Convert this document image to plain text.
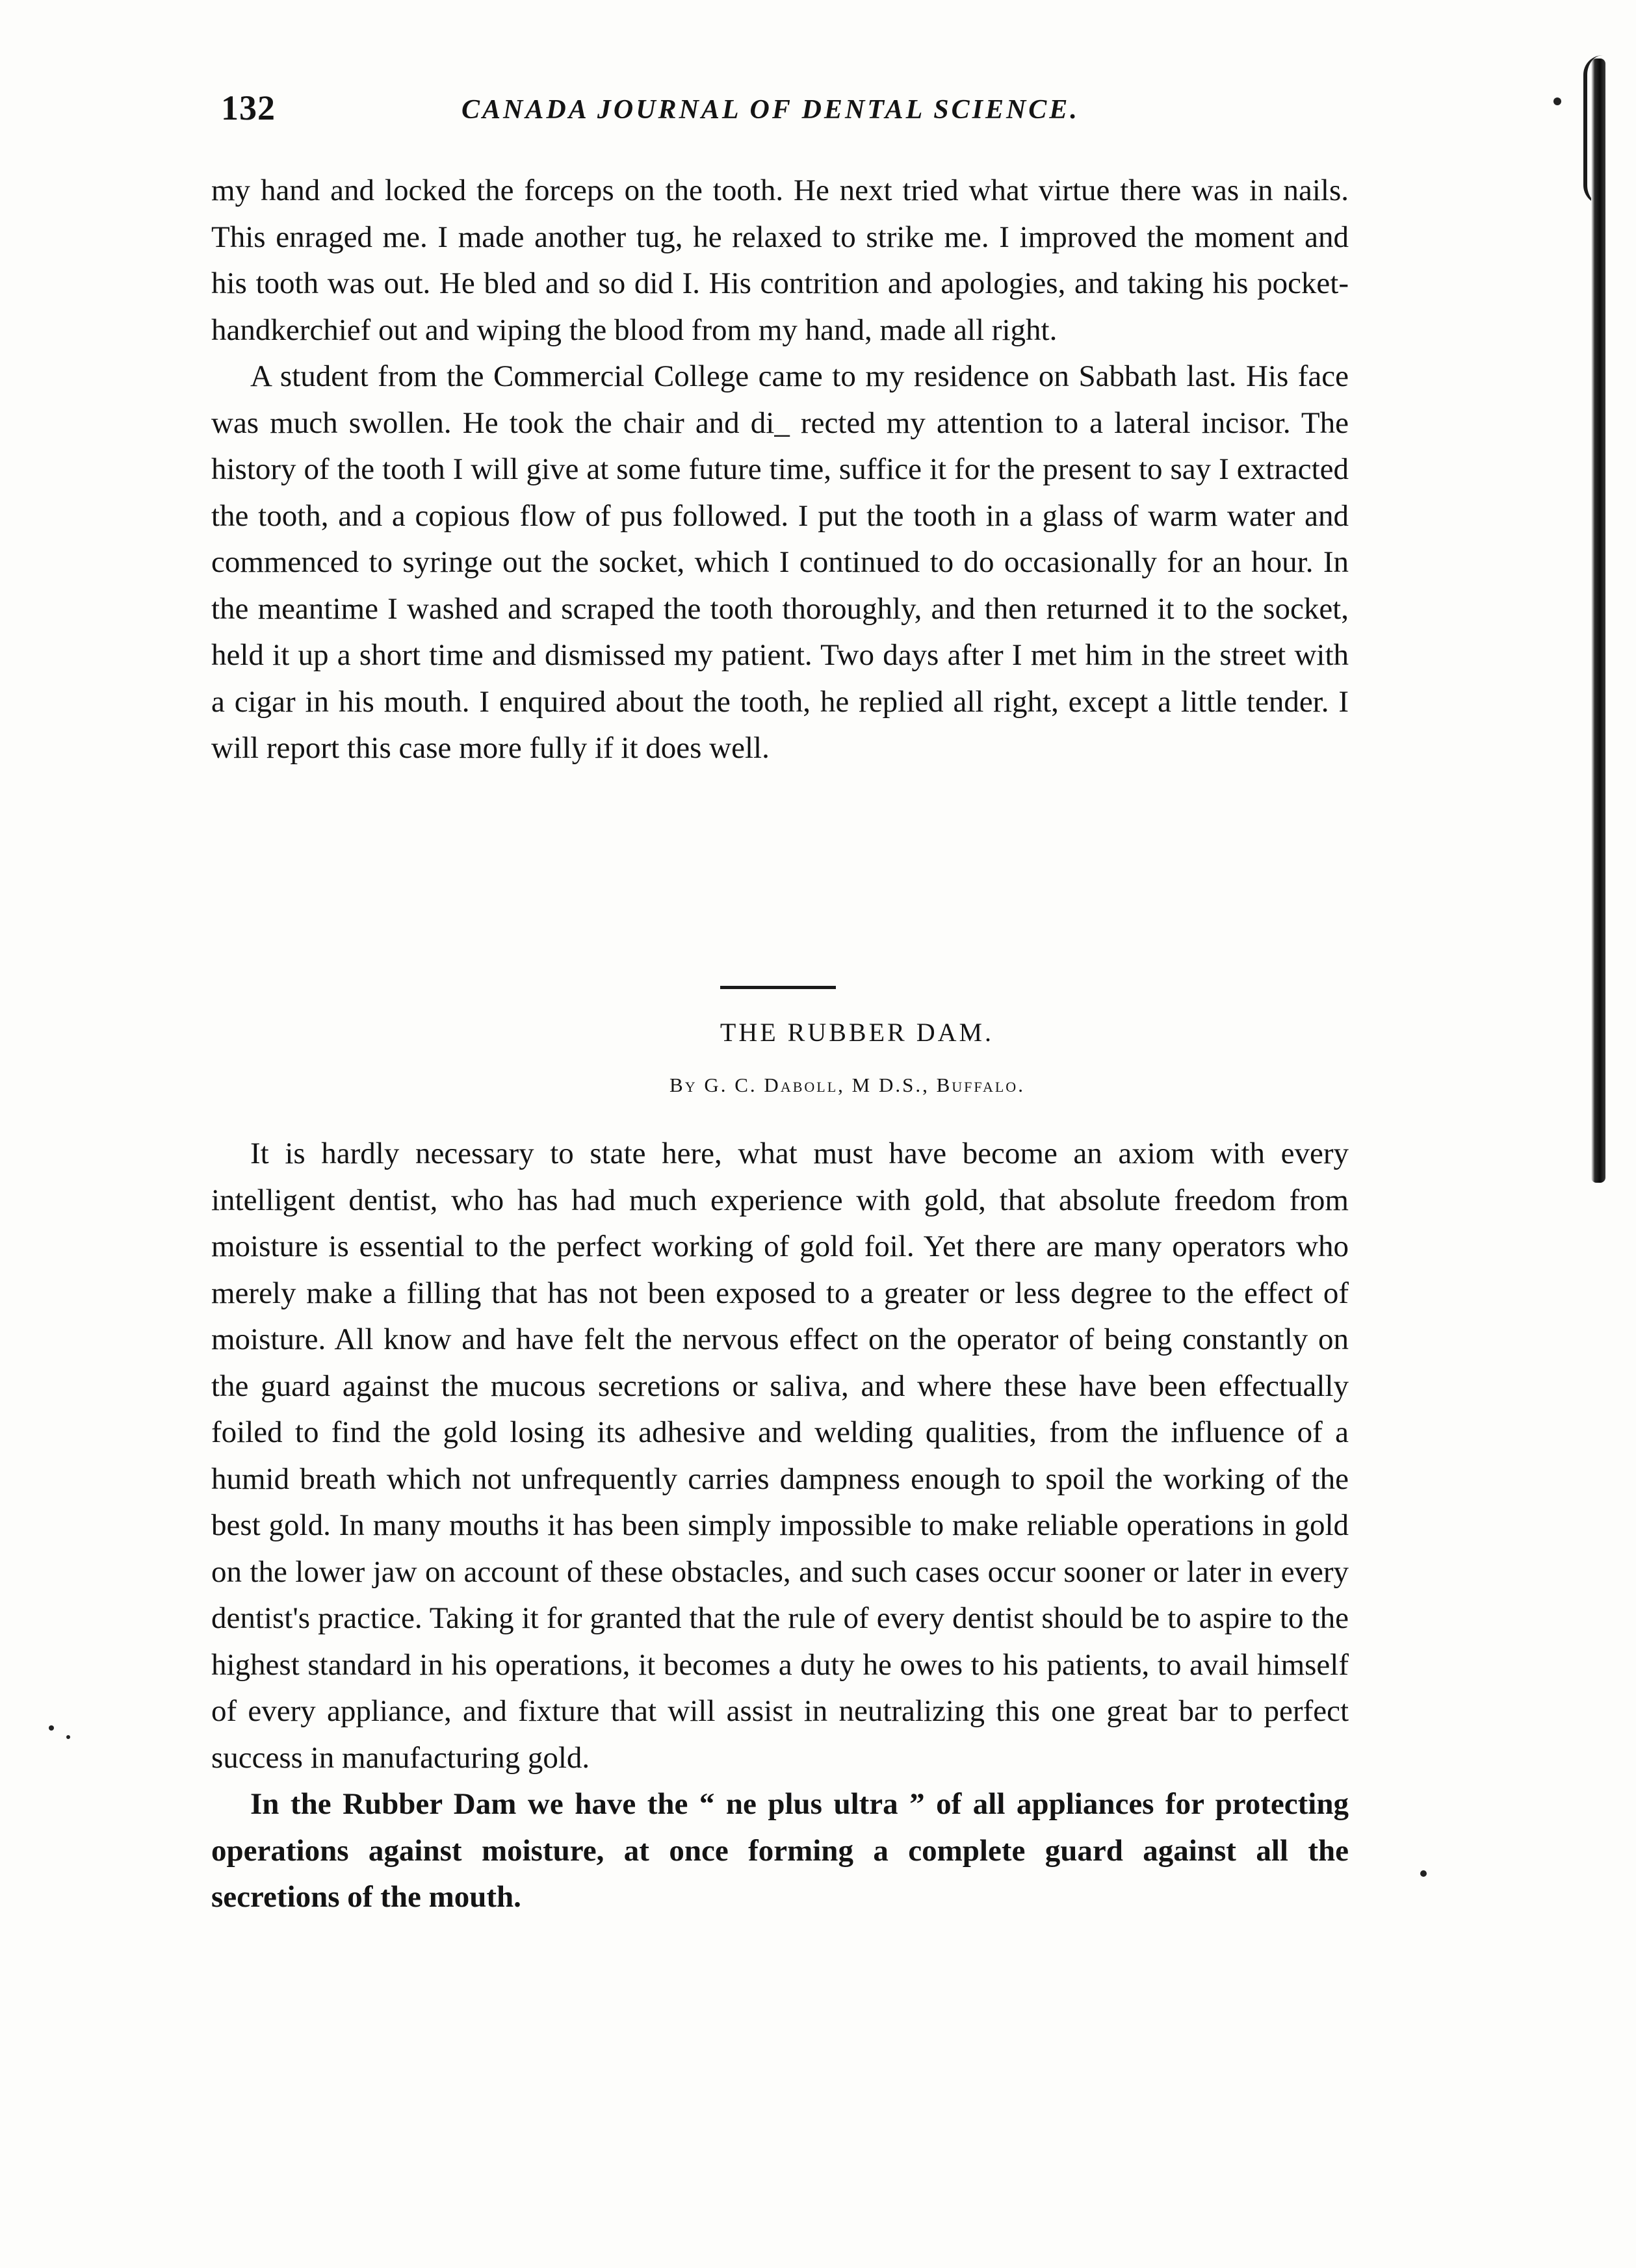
132	CANADA JOURNAL OF DENTAL SCIENCE.

my hand and locked the forceps on the tooth. He next tried what virtue there was in nails. This enraged me. I made another tug, he relaxed to strike me. I improved the moment and his tooth was out. He bled and so did I. His contrition and apologies, and taking his pocket-handkerchief out and wiping the blood from my hand, made all right.

A student from the Commercial College came to my residence on Sabbath last. His face was much swollen. He took the chair and di_ rected my attention to a lateral incisor. The history of the tooth I will give at some future time, suffice it for the present to say I extracted the tooth, and a copious flow of pus followed. I put the tooth in a glass of warm water and commenced to syringe out the socket, which I continued to do occasionally for an hour. In the meantime I washed and scraped the tooth thoroughly, and then returned it to the socket, held it up a short time and dismissed my patient. Two days after I met him in the street with a cigar in his mouth. I enquired about the tooth, he replied all right, except a little tender. I will report this case more fully if it does well.

THE RUBBER DAM.
By G. C. Daboll, M D.S., Buffalo.

It is hardly necessary to state here, what must have become an axiom with every intelligent dentist, who has had much experience with gold, that absolute freedom from moisture is essential to the perfect working of gold foil. Yet there are many operators who merely make a filling that has not been exposed to a greater or less degree to the effect of moisture. All know and have felt the nervous effect on the operator of being constantly on the guard against the mucous secretions or saliva, and where these have been effectually foiled to find the gold losing its adhesive and welding qualities, from the influence of a humid breath which not unfrequently carries dampness enough to spoil the working of the best gold. In many mouths it has been simply impossible to make reliable operations in gold on the lower jaw on account of these obstacles, and such cases occur sooner or later in every dentist's practice. Taking it for granted that the rule of every dentist should be to aspire to the highest standard in his operations, it becomes a duty he owes to his patients, to avail himself of every appliance, and fixture that will assist in neutralizing this one great bar to perfect success in manufacturing gold.

In the Rubber Dam we have the “ ne plus ultra ” of all appliances for protecting operations against moisture, at once forming a complete guard against all the secretions of the mouth.
